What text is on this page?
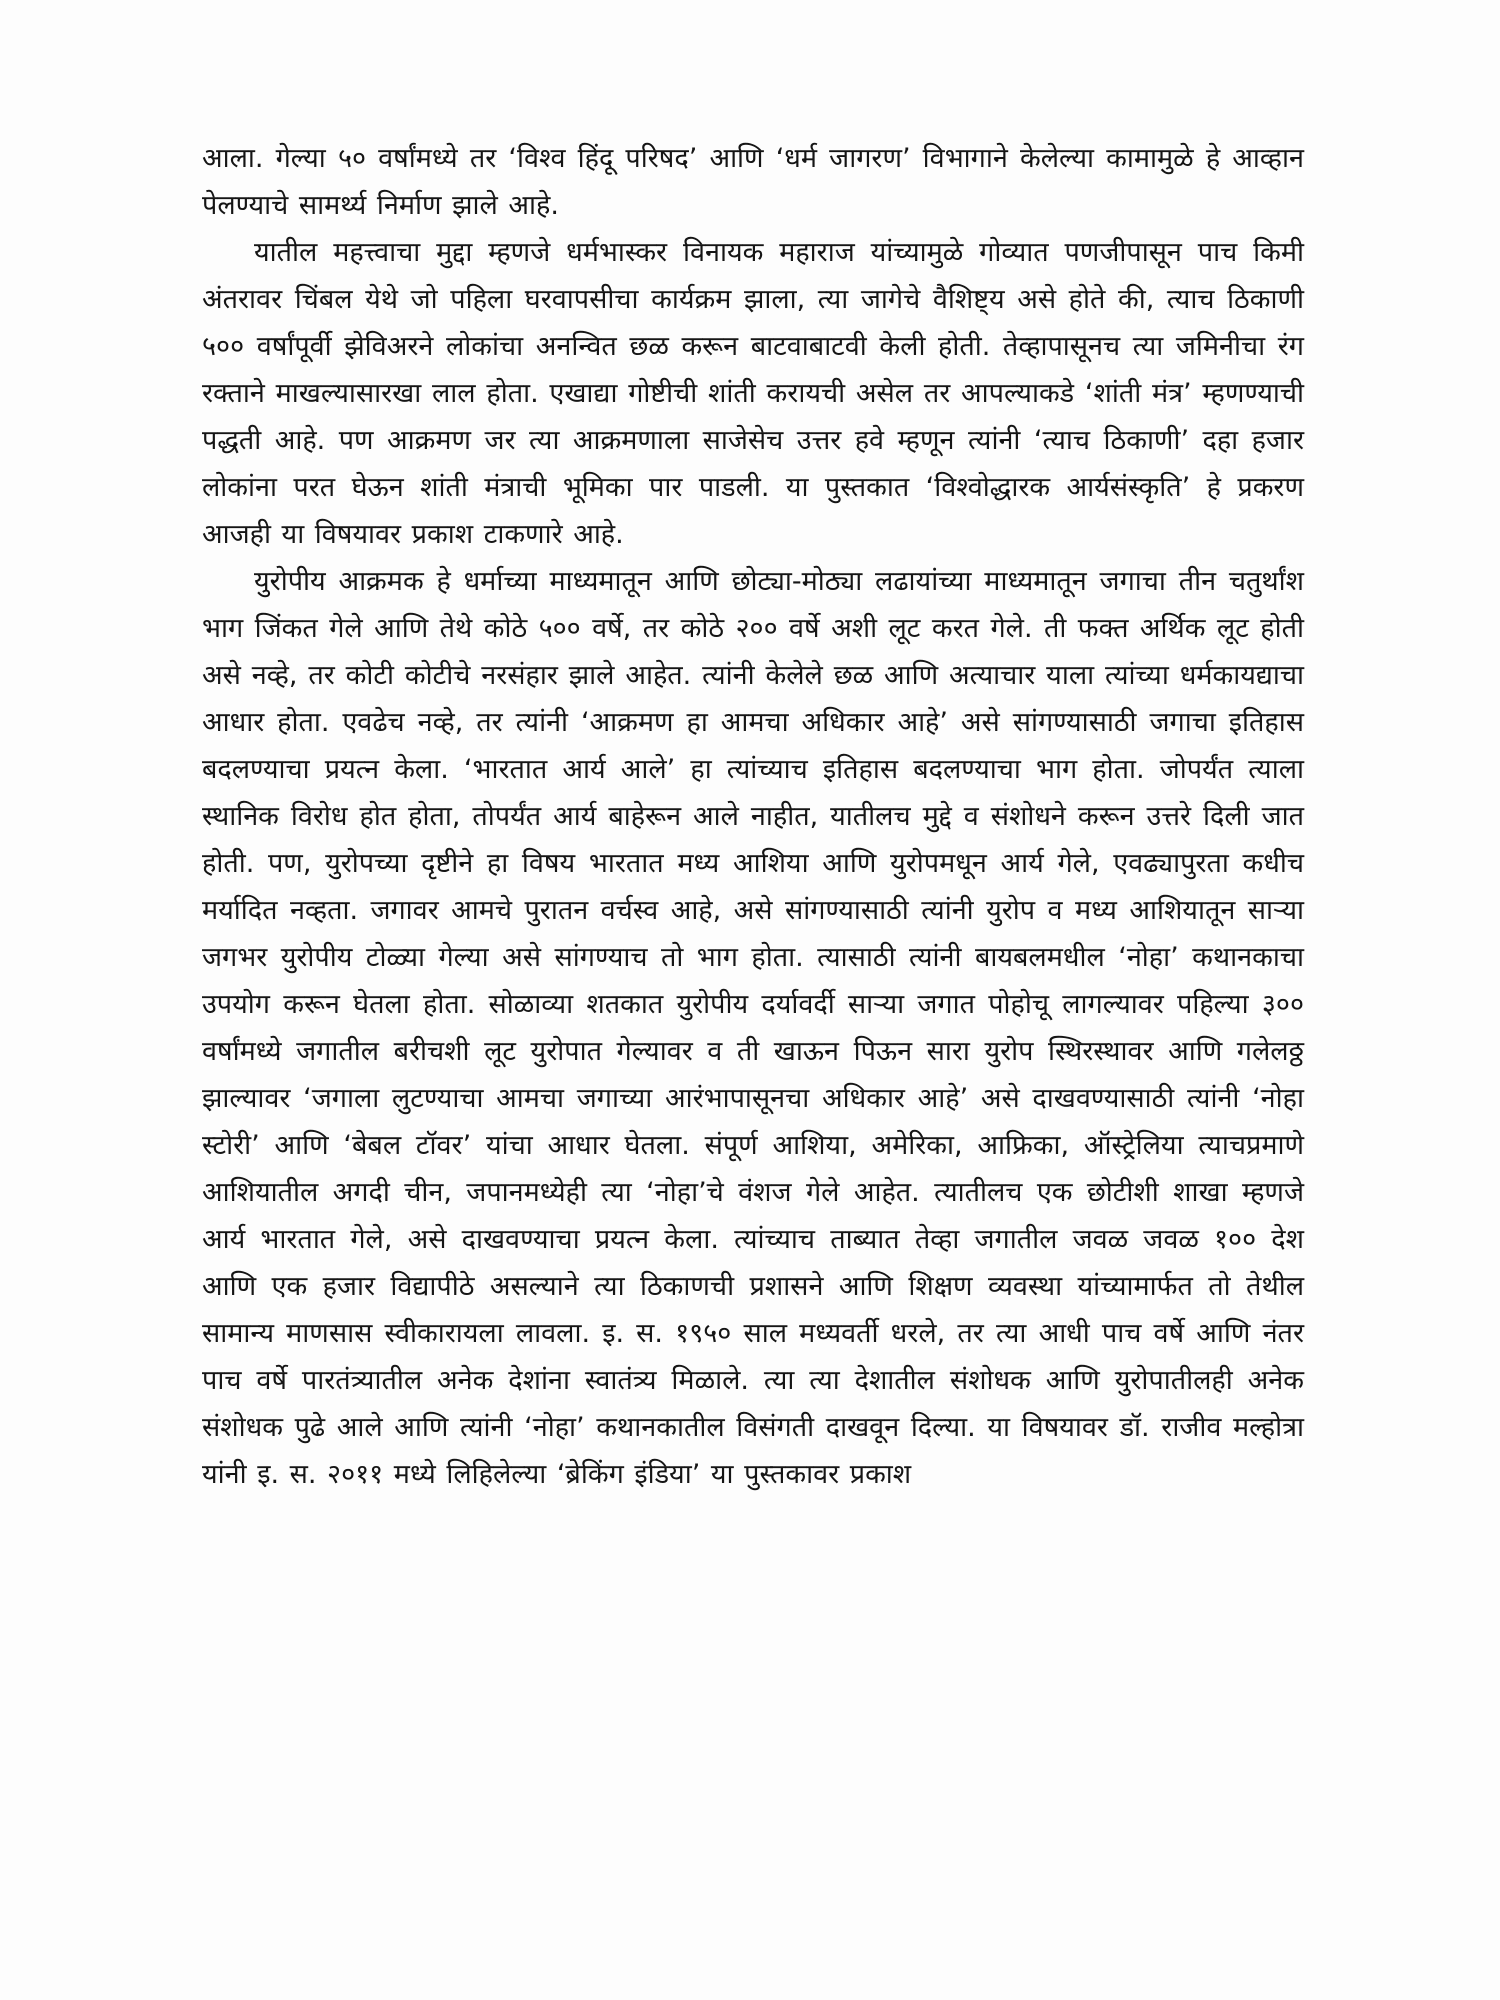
आला. गेल्या ५० वर्षांमध्ये तर ‘विश्व हिंदू परिषद’ आणि ‘धर्म जागरण’ विभागाने केलेल्या कामामुळे हे आव्हान पेलण्याचे सामर्थ्य निर्माण झाले आहे.

यातील महत्त्वाचा मुद्दा म्हणजे धर्मभास्कर विनायक महाराज यांच्यामुळे गोव्यात पणजीपासून पाच किमी अंतरावर चिंबल येथे जो पहिला घरवापसीचा कार्यक्रम झाला, त्या जागेचे वैशिष्ट्य असे होते की, त्याच ठिकाणी ५०० वर्षांपूर्वी झेविअरने लोकांचा अनन्वित छळ करून बाटवाबाटवी केली होती. तेव्हापासूनच त्या जमिनीचा रंग रक्ताने माखल्यासारखा लाल होता. एखाद्या गोष्टीची शांती करायची असेल तर आपल्याकडे ‘शांती मंत्र’ म्हणण्याची पद्धती आहे. पण आक्रमण जर त्या आक्रमणाला साजेसेच उत्तर हवे म्हणून त्यांनी ‘त्याच ठिकाणी’ दहा हजार लोकांना परत घेऊन शांती मंत्राची भूमिका पार पाडली. या पुस्तकात ‘विश्वोद्धारक आर्यसंस्कृति’ हे प्रकरण आजही या विषयावर प्रकाश टाकणारे आहे.

युरोपीय आक्रमक हे धर्माच्या माध्यमातून आणि छोट्या-मोठ्या लढायांच्या माध्यमातून जगाचा तीन चतुर्थांश भाग जिंकत गेले आणि तेथे कोठे ५०० वर्षे, तर कोठे २०० वर्षे अशी लूट करत गेले. ती फक्त अर्थिक लूट होती असे नव्हे, तर कोटी कोटीचे नरसंहार झाले आहेत. त्यांनी केलेले छळ आणि अत्याचार याला त्यांच्या धर्मकायद्याचा आधार होता. एवढेच नव्हे, तर त्यांनी ‘आक्रमण हा आमचा अधिकार आहे’ असे सांगण्यासाठी जगाचा इतिहास बदलण्याचा प्रयत्न केला. ‘भारतात आर्य आले’ हा त्यांच्याच इतिहास बदलण्याचा भाग होता. जोपर्यंत त्याला स्थानिक विरोध होत होता, तोपर्यंत आर्य बाहेरून आले नाहीत, यातीलच मुद्दे व संशोधने करून उत्तरे दिली जात होती. पण, युरोपच्या दृष्टीने हा विषय भारतात मध्य आशिया आणि युरोपमधून आर्य गेले, एवढ्यापुरता कधीच मर्यादित नव्हता. जगावर आमचे पुरातन वर्चस्व आहे, असे सांगण्यासाठी त्यांनी युरोप व मध्य आशियातून साऱ्या जगभर युरोपीय टोळ्या गेल्या असे सांगण्याच तो भाग होता. त्यासाठी त्यांनी बायबलमधील ‘नोहा’ कथानकाचा उपयोग करून घेतला होता. सोळाव्या शतकात युरोपीय दर्यावर्दी साऱ्या जगात पोहोचू लागल्यावर पहिल्या ३०० वर्षांमध्ये जगातील बरीचशी लूट युरोपात गेल्यावर व ती खाऊन पिऊन सारा युरोप स्थिरस्थावर आणि गलेलठ्ठ झाल्यावर ‘जगाला लुटण्याचा आमचा जगाच्या आरंभापासूनचा अधिकार आहे’ असे दाखवण्यासाठी त्यांनी ‘नोहा स्टोरी’ आणि ‘बेबल टॉवर’ यांचा आधार घेतला. संपूर्ण आशिया, अमेरिका, आफ्रिका, ऑस्ट्रेलिया त्याचप्रमाणे आशियातील अगदी चीन, जपानमध्येही त्या ‘नोहा’चे वंशज गेले आहेत. त्यातीलच एक छोटीशी शाखा म्हणजे आर्य भारतात गेले, असे दाखवण्याचा प्रयत्न केला. त्यांच्याच ताब्यात तेव्हा जगातील जवळ जवळ १०० देश आणि एक हजार विद्यापीठे असल्याने त्या ठिकाणची प्रशासने आणि शिक्षण व्यवस्था यांच्यामार्फत तो तेथील सामान्य माणसास स्वीकारायला लावला. इ. स. १९५० साल मध्यवर्ती धरले, तर त्या आधी पाच वर्षे आणि नंतर पाच वर्षे पारतंत्र्यातील अनेक देशांना स्वातंत्र्य मिळाले. त्या त्या देशातील संशोधक आणि युरोपातीलही अनेक संशोधक पुढे आले आणि त्यांनी ‘नोहा’ कथानकातील विसंगती दाखवून दिल्या. या विषयावर डॉ. राजीव मल्होत्रा यांनी इ. स. २०११ मध्ये लिहिलेल्या ‘ब्रेकिंग इंडिया’ या पुस्तकावर प्रकाश
